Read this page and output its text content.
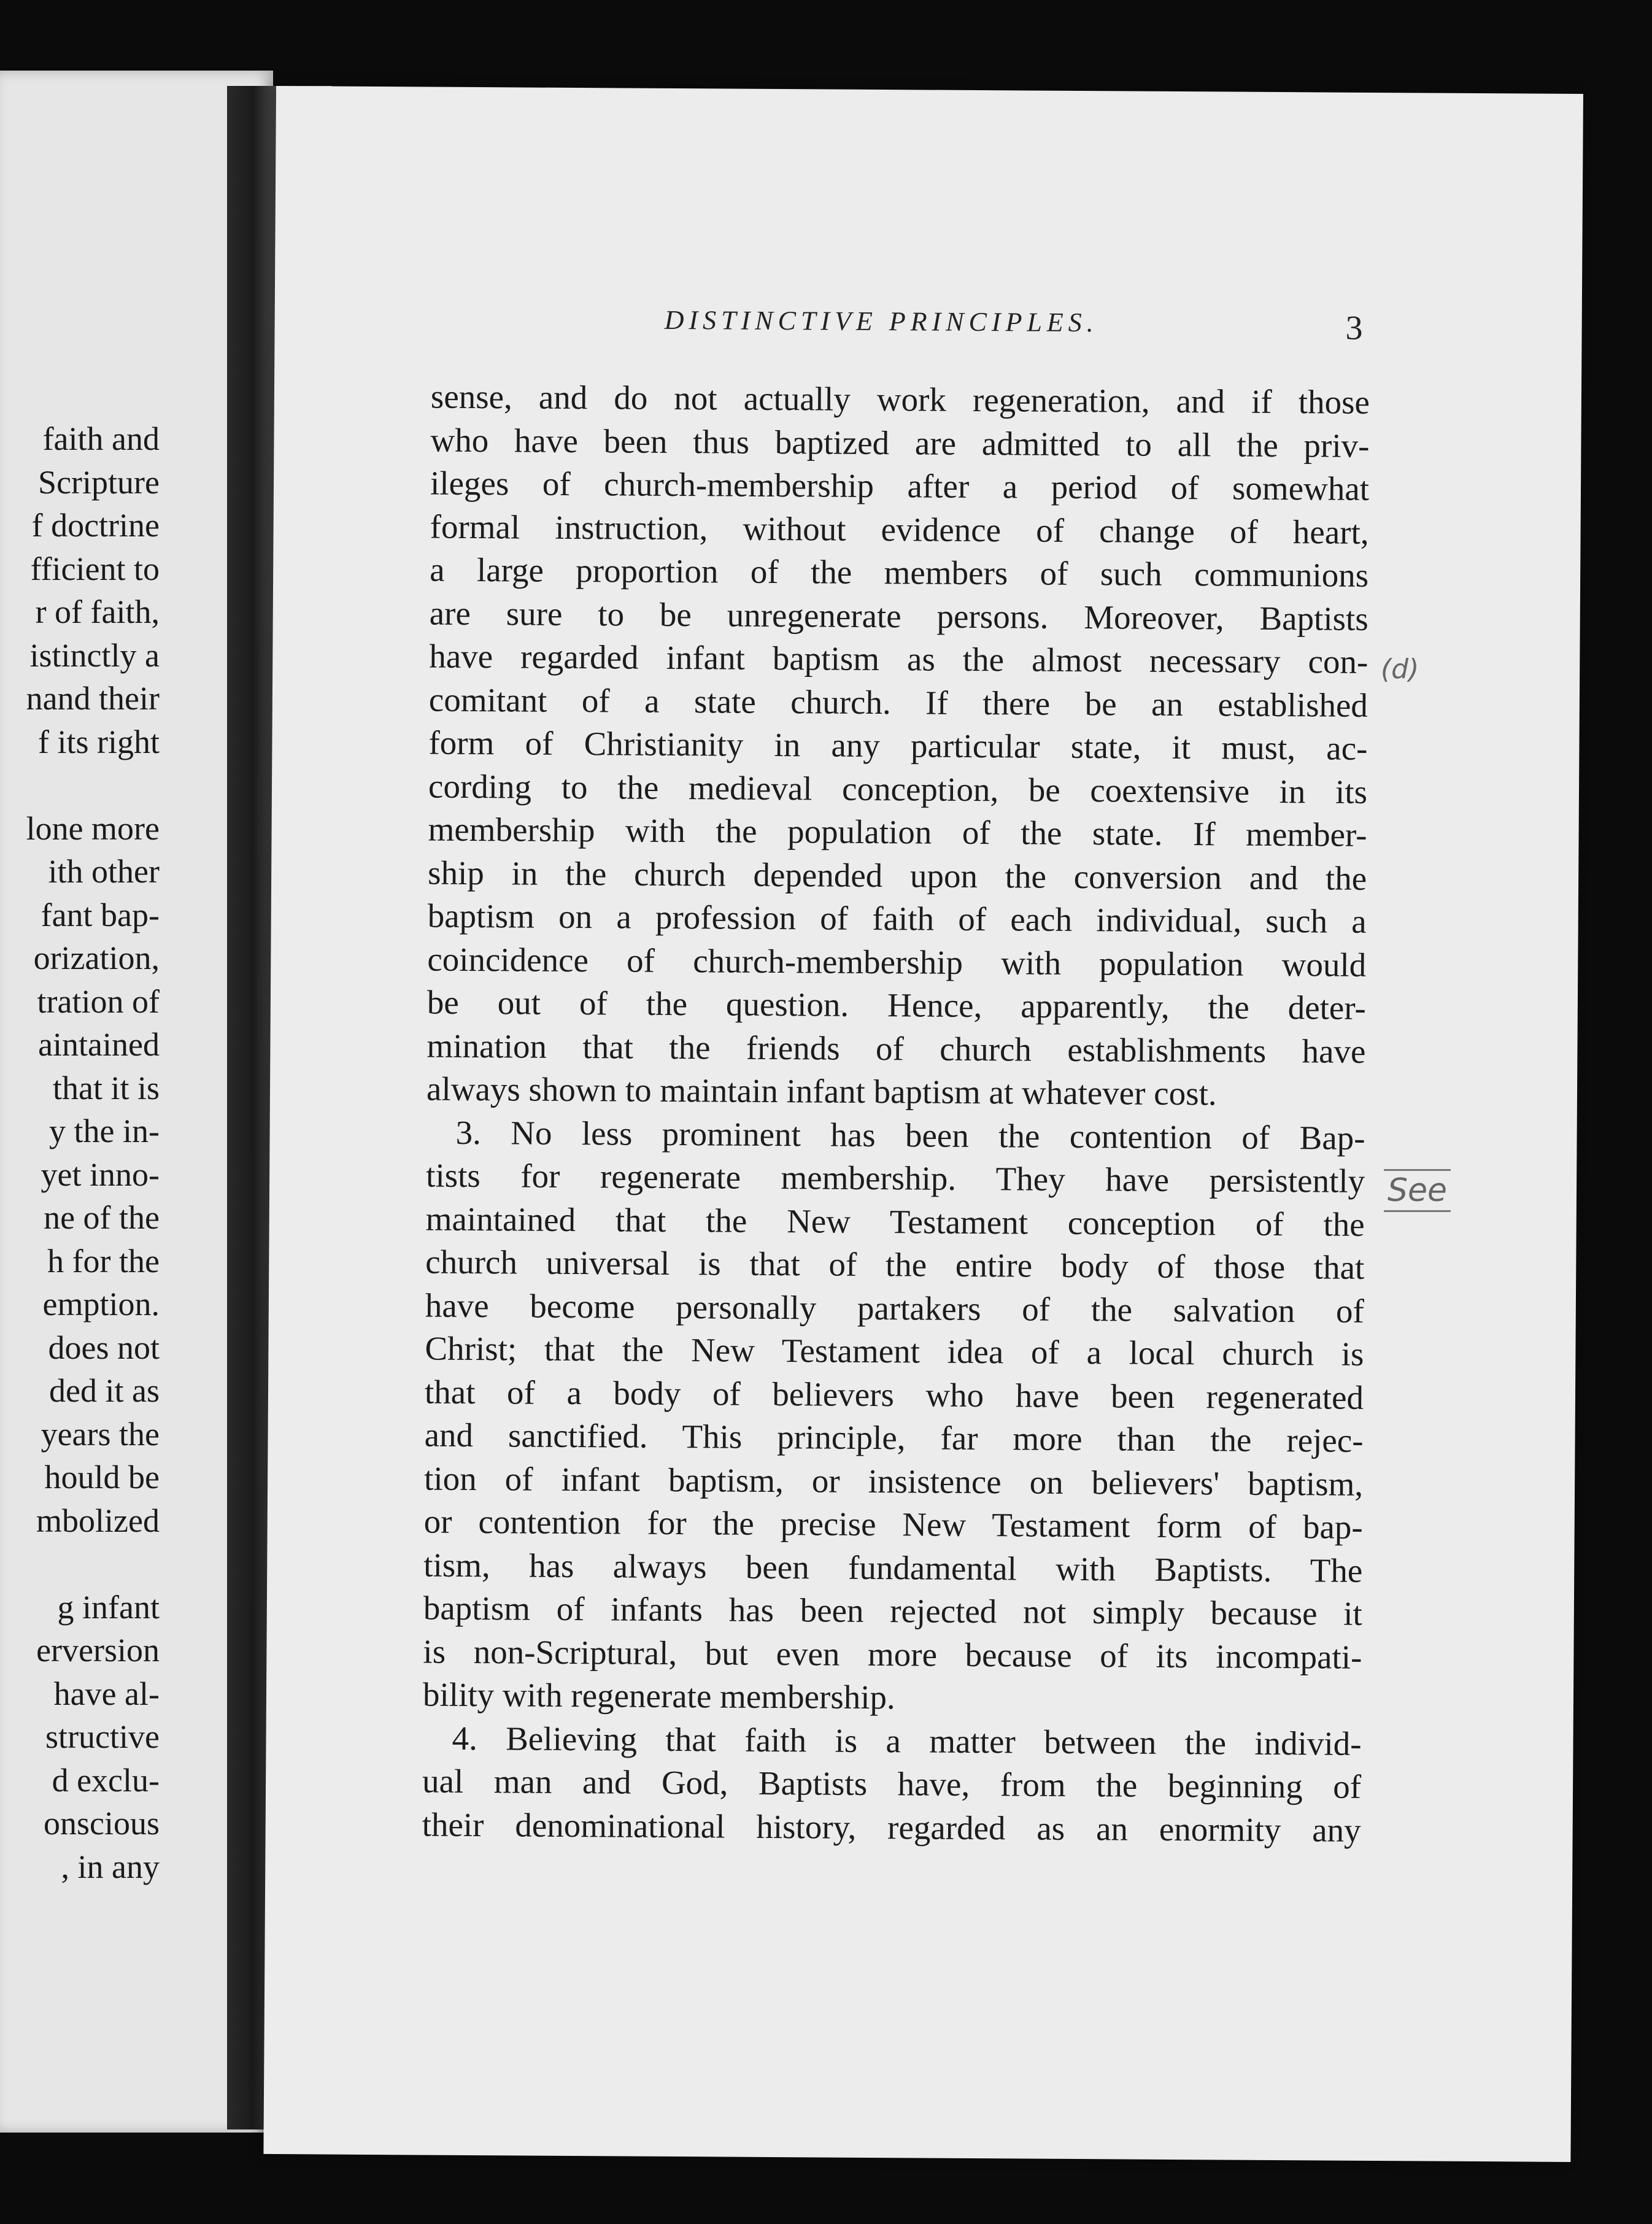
faith and
Scripture
f doctrine
fficient to
r of faith,
istinctly a
nand their
f its right

lone more
ith other
fant bap-
orization,
tration of
aintained
that it is
y the in-
yet inno-
ne of the
h for the
emption.
does not
ded it as
years the
hould be
mbolized

g infant
erversion
have al-
structive
d exclu-
onscious
, in any
DISTINCTIVE PRINCIPLES.	3
sense, and do not actually work regeneration, and if those
who have been thus baptized are admitted to all the priv-
ileges of church-membership after a period of somewhat
formal instruction, without evidence of change of heart,
a large proportion of the members of such communions
are sure to be unregenerate persons. Moreover, Baptists
have regarded infant baptism as the almost necessary con-
comitant of a state church. If there be an established
form of Christianity in any particular state, it must, ac-
cording to the medieval conception, be coextensive in its
membership with the population of the state. If member-
ship in the church depended upon the conversion and the
baptism on a profession of faith of each individual, such a
coincidence of church-membership with population would
be out of the question. Hence, apparently, the deter-
mination that the friends of church establishments have
always shown to maintain infant baptism at whatever cost.
3. No less prominent has been the contention of Bap-
tists for regenerate membership. They have persistently
maintained that the New Testament conception of the
church universal is that of the entire body of those that
have become personally partakers of the salvation of
Christ; that the New Testament idea of a local church is
that of a body of believers who have been regenerated
and sanctified. This principle, far more than the rejec-
tion of infant baptism, or insistence on believers' baptism,
or contention for the precise New Testament form of bap-
tism, has always been fundamental with Baptists. The
baptism of infants has been rejected not simply because it
is non-Scriptural, but even more because of its incompati-
bility with regenerate membership.
4. Believing that faith is a matter between the individ-
ual man and God, Baptists have, from the beginning of
their denominational history, regarded as an enormity any
(d)
See
